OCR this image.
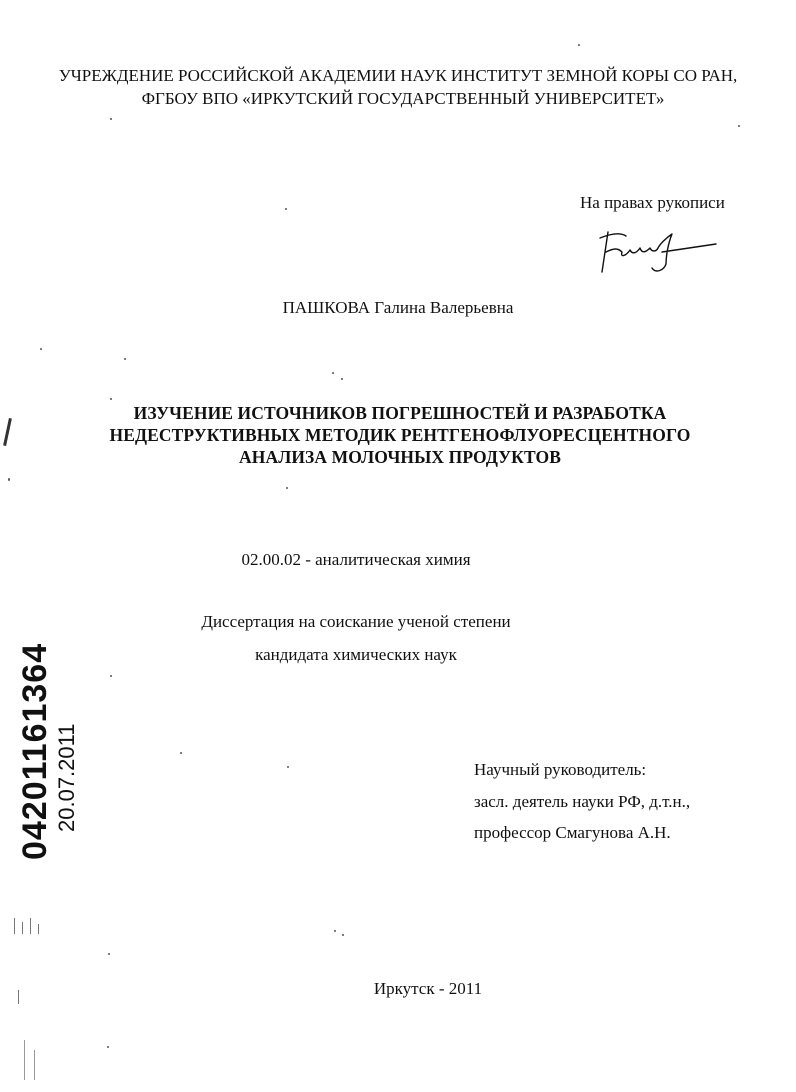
УЧРЕЖДЕНИЕ РОССИЙСКОЙ АКАДЕМИИ НАУК ИНСТИТУТ ЗЕМНОЙ КОРЫ СО РАН,
ФГБОУ ВПО «ИРКУТСКИЙ ГОСУДАРСТВЕННЫЙ УНИВЕРСИТЕТ»
На правах рукописи
ПАШКОВА Галина Валерьевна
ИЗУЧЕНИЕ ИСТОЧНИКОВ ПОГРЕШНОСТЕЙ И РАЗРАБОТКА
НЕДЕСТРУКТИВНЫХ МЕТОДИК РЕНТГЕНОФЛУОРЕСЦЕНТНОГО
АНАЛИЗА МОЛОЧНЫХ ПРОДУКТОВ
02.00.02 - аналитическая химия
Диссертация на соискание ученой степени
кандидата химических наук
Научный руководитель:
засл. деятель науки РФ, д.т.н.,
профессор Смагунова А.Н.
Иркутск - 2011
04201161364 20.07.2011
